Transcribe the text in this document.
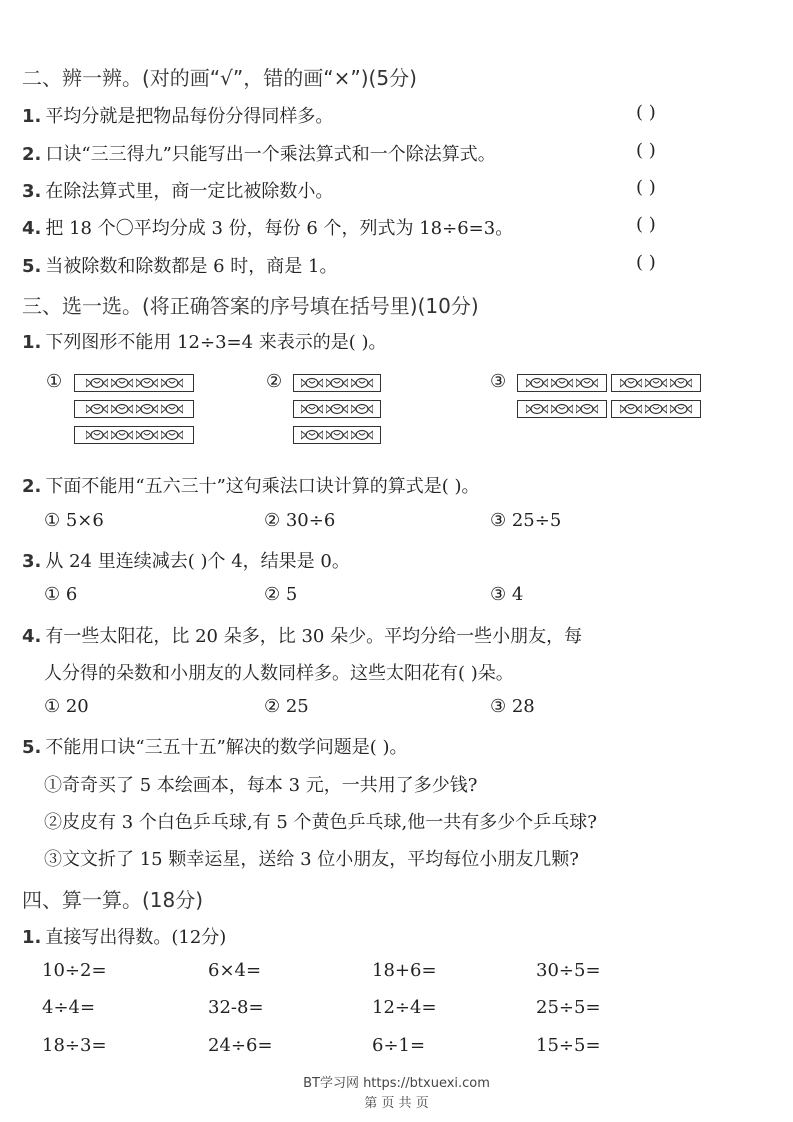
二、辨一辨。(对的画“√”，错的画“×”)(5分)
1. 平均分就是把物品每份分得同样多。	( )
2. 口诀“三三得九”只能写出一个乘法算式和一个除法算式。	( )
3. 在除法算式里，商一定比被除数小。	( )
4. 把 18 个〇平均分成 3 份，每份 6 个，列式为 18÷6=3。	( )
5. 当被除数和除数都是 6 时，商是 1。	( )
三、选一选。(将正确答案的序号填在括号里)(10分)
1. 下列图形不能用 12÷3=4 来表示的是( )。
①	②	③
2. 下面不能用“五六三十”这句乘法口诀计算的算式是( )。
① 5×6	② 30÷6	③ 25÷5
3. 从 24 里连续减去( )个 4，结果是 0。
① 6	② 5	③ 4
4. 有一些太阳花，比 20 朵多，比 30 朵少。平均分给一些小朋友，每
人分得的朵数和小朋友的人数同样多。这些太阳花有( )朵。
① 20	② 25	③ 28
5. 不能用口诀“三五十五”解决的数学问题是( )。
①奇奇买了 5 本绘画本，每本 3 元，一共用了多少钱?
②皮皮有 3 个白色乒乓球,有 5 个黄色乒乓球,他一共有多少个乒乓球?
③文文折了 15 颗幸运星，送给 3 位小朋友，平均每位小朋友几颗?
四、算一算。(18分)
1. 直接写出得数。(12分)
10÷2=	6×4=	18+6=	30÷5=
4÷4=	32-8=	12÷4=	25÷5=
18÷3=	24÷6=	6÷1=	15÷5=
BT学习网 https://btxuexi.com
第 页 共 页
